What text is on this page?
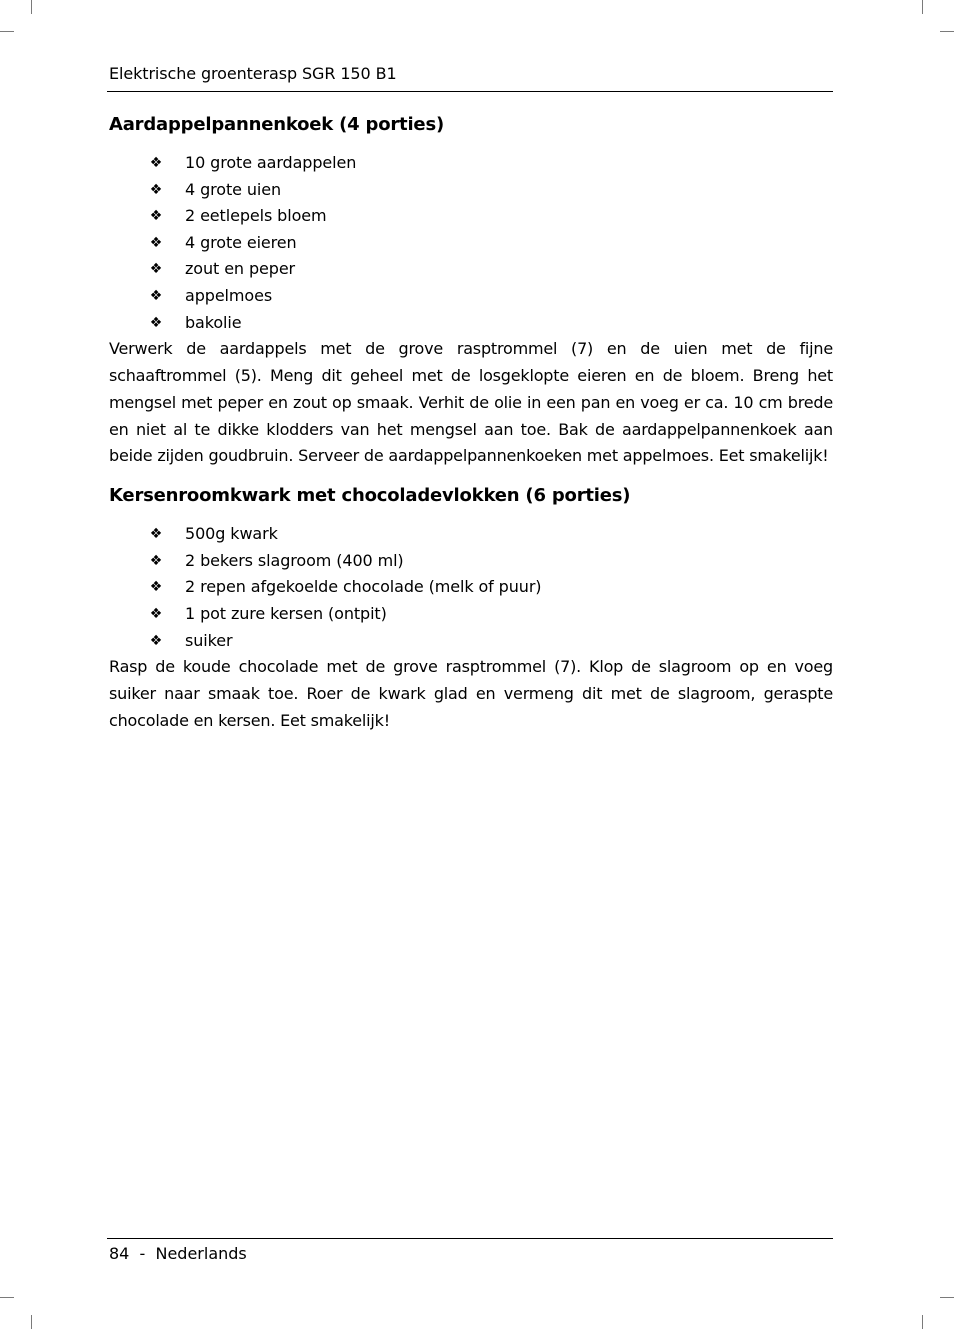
Elektrische groenterasp SGR 150 B1
Aardappelpannenkoek (4 porties)
❖ 10 grote aardappelen
❖ 4 grote uien
❖ 2 eetlepels bloem
❖ 4 grote eieren
❖ zout en peper
❖ appelmoes
❖ bakolie

Verwerk de aardappels met de grove rasptrommel (7) en de uien met de fijne schaaftrommel (5). Meng dit geheel met de losgeklopte eieren en de bloem. Breng het mengsel met peper en zout op smaak. Verhit de olie in een pan en voeg er ca. 10 cm brede en niet al te dikke klodders van het mengsel aan toe. Bak de aardappelpannenkoek aan beide zijden goudbruin. Serveer de aardappelpannenkoeken met appelmoes. Eet smakelijk!

Kersenroomkwark met chocoladevlokken (6 porties)
❖ 500g kwark
❖ 2 bekers slagroom (400 ml)
❖ 2 repen afgekoelde chocolade (melk of puur)
❖ 1 pot zure kersen (ontpit)
❖ suiker

Rasp de koude chocolade met de grove rasptrommel (7). Klop de slagroom op en voeg suiker naar smaak toe. Roer de kwark glad en vermeng dit met de slagroom, geraspte chocolade en kersen. Eet smakelijk!

84 - Nederlands
